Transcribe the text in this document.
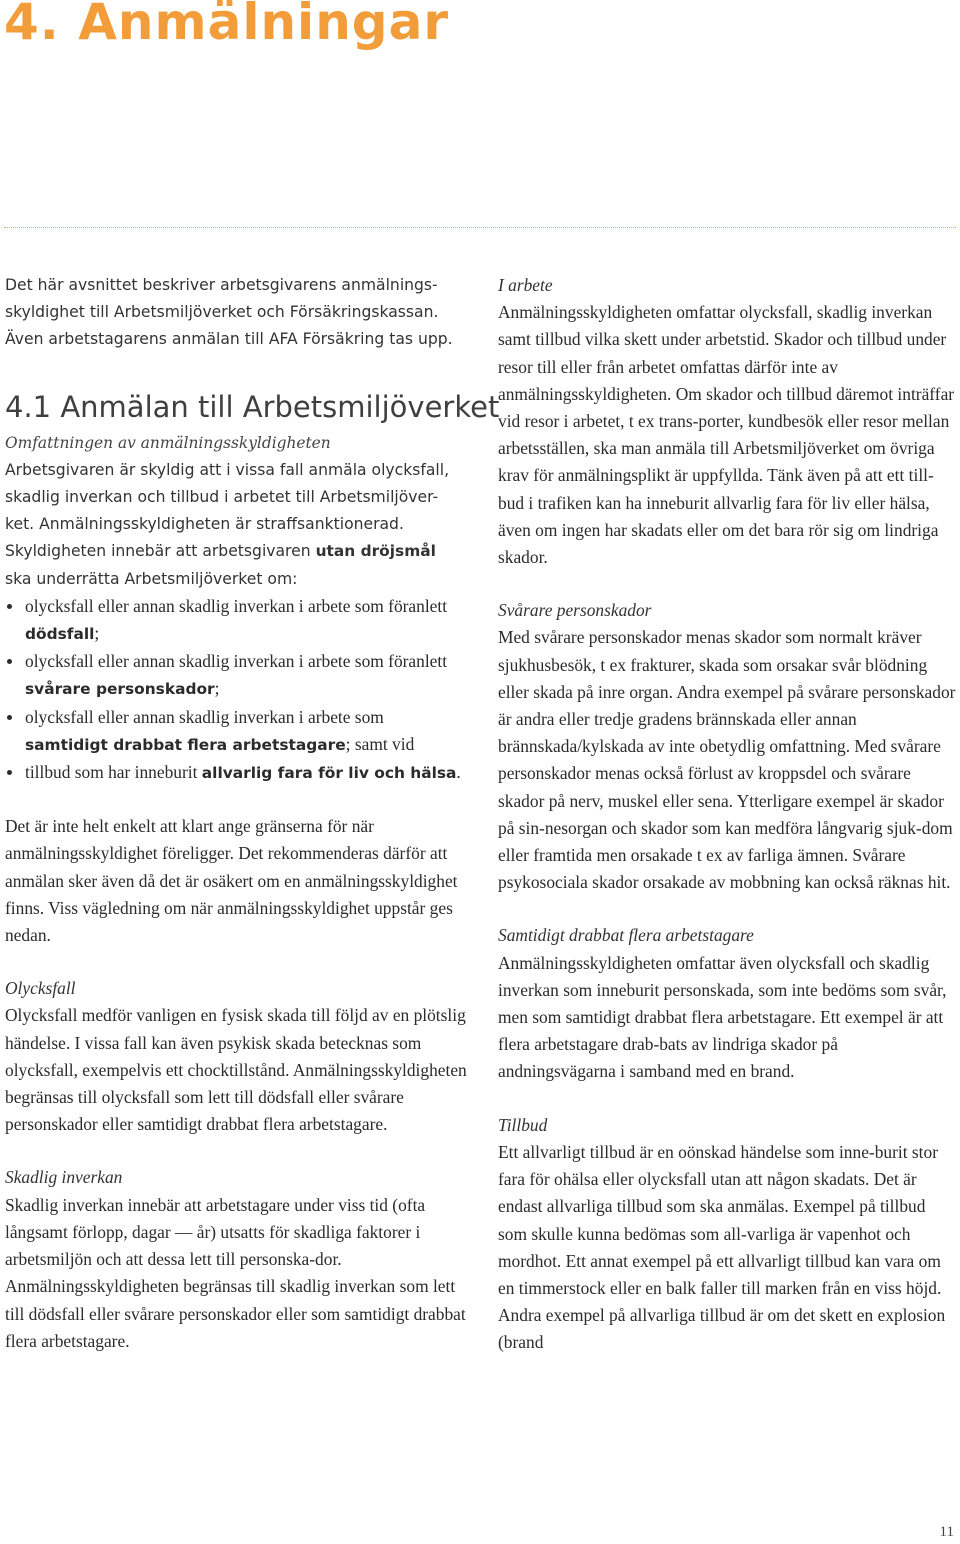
4. Anmälningar

Det här avsnittet beskriver arbetsgivarens anmälnings-skyldighet till Arbetsmiljöverket och Försäkringskassan. Även arbetstagarens anmälan till AFA Försäkring tas upp.

4.1 Anmälan till Arbetsmiljöverket

Omfattningen av anmälningsskyldigheten

Arbetsgivaren är skyldig att i vissa fall anmäla olycksfall, skadlig inverkan och tillbud i arbetet till Arbetsmiljöver-ket. Anmälningsskyldigheten är straffsanktionerad. Skyldigheten innebär att arbetsgivaren utan dröjsmål ska underrätta Arbetsmiljöverket om:

olycksfall eller annan skadlig inverkan i arbete som föranlett dödsfall;
olycksfall eller annan skadlig inverkan i arbete som föranlett svårare personskador;
olycksfall eller annan skadlig inverkan i arbete som samtidigt drabbat flera arbetstagare; samt vid
tillbud som har inneburit allvarlig fara för liv och hälsa.

Det är inte helt enkelt att klart ange gränserna för när anmälningsskyldighet föreligger. Det rekommenderas därför att anmälan sker även då det är osäkert om en anmälningsskyldighet finns. Viss vägledning om när anmälningsskyldighet uppstår ges nedan.

Olycksfall

Olycksfall medför vanligen en fysisk skada till följd av en plötslig händelse. I vissa fall kan även psykisk skada betecknas som olycksfall, exempelvis ett chocktillstånd. Anmälningsskyldigheten begränsas till olycksfall som lett till dödsfall eller svårare personskador eller samtidigt drabbat flera arbetstagare.

Skadlig inverkan

Skadlig inverkan innebär att arbetstagare under viss tid (ofta långsamt förlopp, dagar — år) utsatts för skadliga faktorer i arbetsmiljön och att dessa lett till personska-dor. Anmälningsskyldigheten begränsas till skadlig inverkan som lett till dödsfall eller svårare personskador eller som samtidigt drabbat flera arbetstagare.

I arbete

Anmälningsskyldigheten omfattar olycksfall, skadlig inverkan samt tillbud vilka skett under arbetstid. Skador och tillbud under resor till eller från arbetet omfattas därför inte av anmälningsskyldigheten. Om skador och tillbud däremot inträffar vid resor i arbetet, t ex trans-porter, kundbesök eller resor mellan arbetsställen, ska man anmäla till Arbetsmiljöverket om övriga krav för anmälningsplikt är uppfyllda. Tänk även på att ett till-bud i trafiken kan ha inneburit allvarlig fara för liv eller hälsa, även om ingen har skadats eller om det bara rör sig om lindriga skador.

Svårare personskador

Med svårare personskador menas skador som normalt kräver sjukhusbesök, t ex frakturer, skada som orsakar svår blödning eller skada på inre organ. Andra exempel på svårare personskador är andra eller tredje gradens brännskada eller annan brännskada/kylskada av inte obetydlig omfattning. Med svårare personskador menas också förlust av kroppsdel och svårare skador på nerv, muskel eller sena. Ytterligare exempel är skador på sin-nesorgan och skador som kan medföra långvarig sjuk-dom eller framtida men orsakade t ex av farliga ämnen. Svårare psykosociala skador orsakade av mobbning kan också räknas hit.

Samtidigt drabbat flera arbetstagare

Anmälningsskyldigheten omfattar även olycksfall och skadlig inverkan som inneburit personskada, som inte bedöms som svår, men som samtidigt drabbat flera arbetstagare. Ett exempel är att flera arbetstagare drab-bats av lindriga skador på andningsvägarna i samband med en brand.

Tillbud

Ett allvarligt tillbud är en oönskad händelse som inne-burit stor fara för ohälsa eller olycksfall utan att någon skadats. Det är endast allvarliga tillbud som ska anmälas. Exempel på tillbud som skulle kunna bedömas som all-varliga är vapenhot och mordhot. Ett annat exempel på ett allvarligt tillbud kan vara om en timmerstock eller en balk faller till marken från en viss höjd. Andra exempel på allvarliga tillbud är om det skett en explosion (brand

11
